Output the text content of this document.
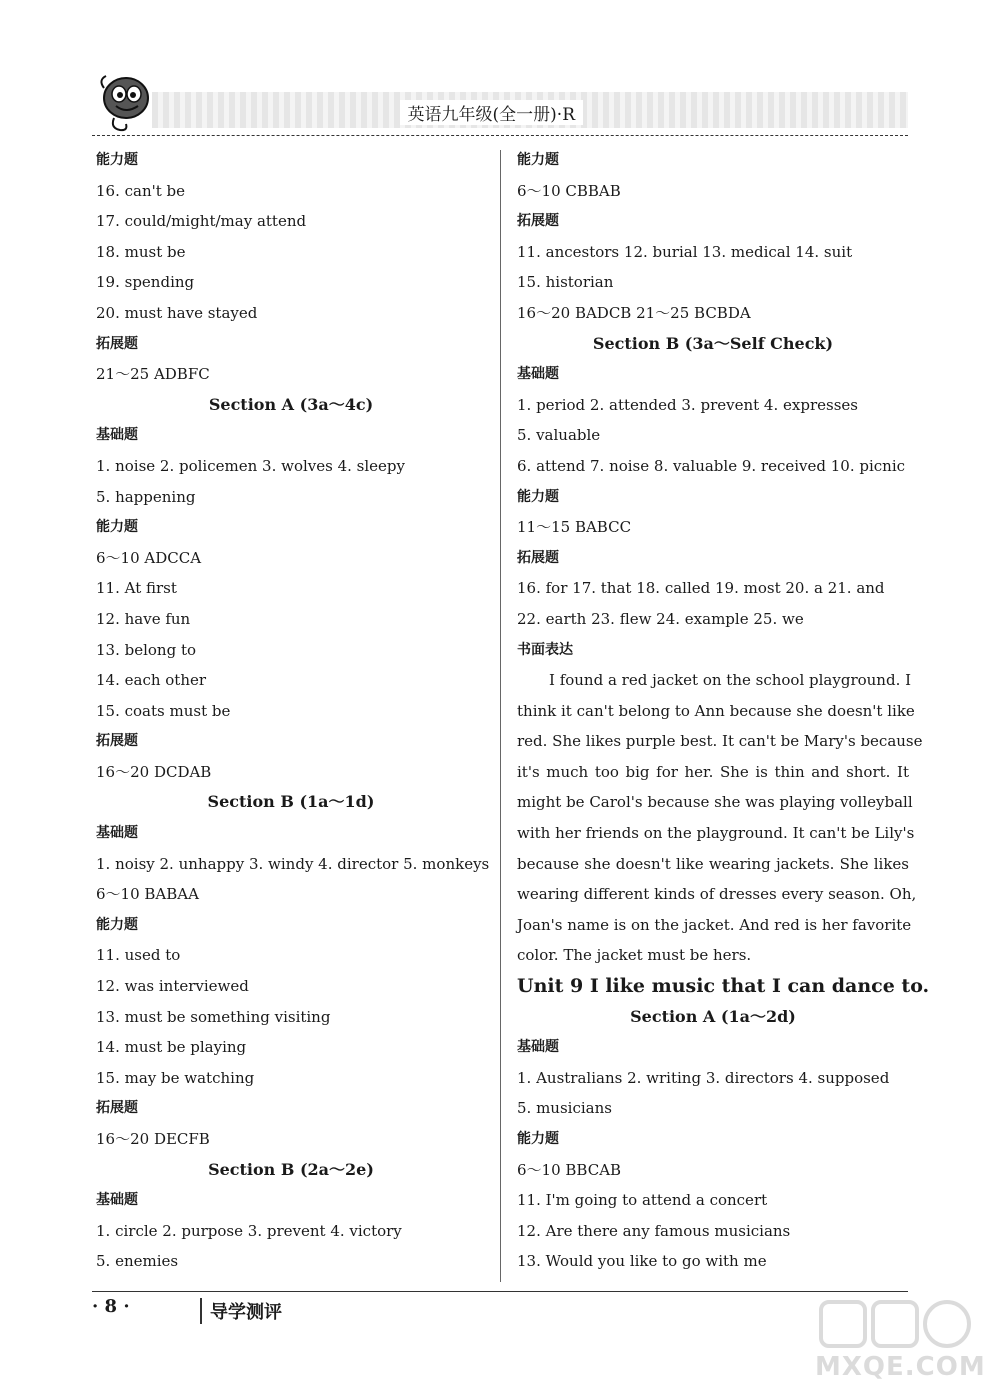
英语九年级(全一册)·R
能力题
16. can't be
17. could/might/may attend
18. must be
19. spending
20. must have stayed
拓展题
21～25 ADBFC
Section A (3a～4c)
基础题
1. noise 2. policemen 3. wolves 4. sleepy
5. happening
能力题
6～10 ADCCA
11. At first
12. have fun
13. belong to
14. each other
15. coats must be
拓展题
16～20 DCDAB
Section B (1a～1d)
基础题
1. noisy 2. unhappy 3. windy 4. director 5. monkeys
6～10 BABAA
能力题
11. used to
12. was interviewed
13. must be something visiting
14. must be playing
15. may be watching
拓展题
16～20 DECFB
Section B (2a～2e)
基础题
1. circle 2. purpose 3. prevent 4. victory
5. enemies
能力题
6～10 CBBAB
拓展题
11. ancestors 12. burial 13. medical 14. suit
15. historian
16～20 BADCB 21～25 BCBDA
Section B (3a～Self Check)
基础题
1. period 2. attended 3. prevent 4. expresses
5. valuable
6. attend 7. noise 8. valuable 9. received 10. picnic
能力题
11～15 BABCC
拓展题
16. for 17. that 18. called 19. most 20. a 21. and
22. earth 23. flew 24. example 25. we
书面表达
I found a red jacket on the school playground. I
think it can't belong to Ann because she doesn't like
red. She likes purple best. It can't be Mary's because
it's much too big for her. She is thin and short. It
might be Carol's because she was playing volleyball
with her friends on the playground. It can't be Lily's
because she doesn't like wearing jackets. She likes
wearing different kinds of dresses every season. Oh,
Joan's name is on the jacket. And red is her favorite
color. The jacket must be hers.
Unit 9 I like music that I can dance to.
Section A (1a～2d)
基础题
1. Australians 2. writing 3. directors 4. supposed
5. musicians
能力题
6～10 BBCAB
11. I'm going to attend a concert
12. Are there any famous musicians
13. Would you like to go with me
· 8 ·	导学测评
MXQE.COM
